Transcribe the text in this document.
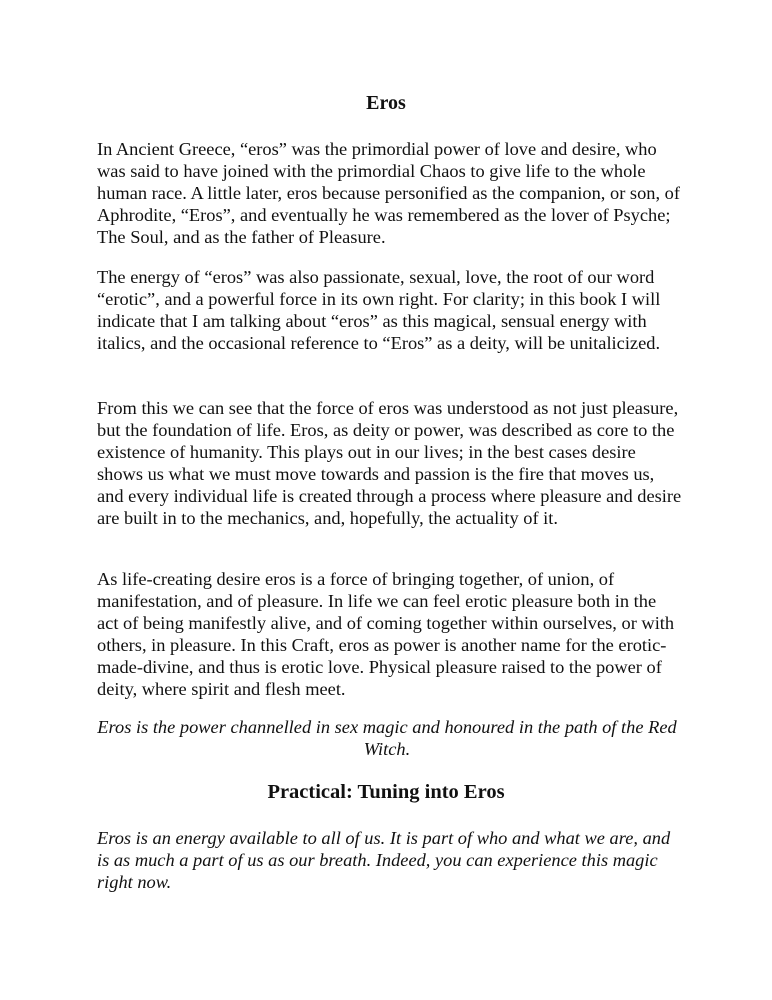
Eros

In Ancient Greece, “eros” was the primordial power of love and desire, who was said to have joined with the primordial Chaos to give life to the whole human race. A little later, eros because personified as the companion, or son, of Aphrodite, “Eros”, and eventually he was remembered as the lover of Psyche; The Soul, and as the father of Pleasure.

The energy of “eros” was also passionate, sexual, love, the root of our word “erotic”, and a powerful force in its own right. For clarity; in this book I will indicate that I am talking about “eros” as this magical, sensual energy with italics, and the occasional reference to “Eros” as a deity, will be unitalicized.

From this we can see that the force of eros was understood as not just pleasure, but the foundation of life. Eros, as deity or power, was described as core to the existence of humanity. This plays out in our lives; in the best cases desire shows us what we must move towards and passion is the fire that moves us, and every individual life is created through a process where pleasure and desire are built in to the mechanics, and, hopefully, the actuality of it.

As life-creating desire eros is a force of bringing together, of union, of manifestation, and of pleasure. In life we can feel erotic pleasure both in the act of being manifestly alive, and of coming together within ourselves, or with others, in pleasure. In this Craft, eros as power is another name for the erotic-made-divine, and thus is erotic love. Physical pleasure raised to the power of deity, where spirit and flesh meet.

Eros is the power channelled in sex magic and honoured in the path of the Red Witch.

Practical: Tuning into Eros

Eros is an energy available to all of us. It is part of who and what we are, and is as much a part of us as our breath. Indeed, you can experience this magic right now.
